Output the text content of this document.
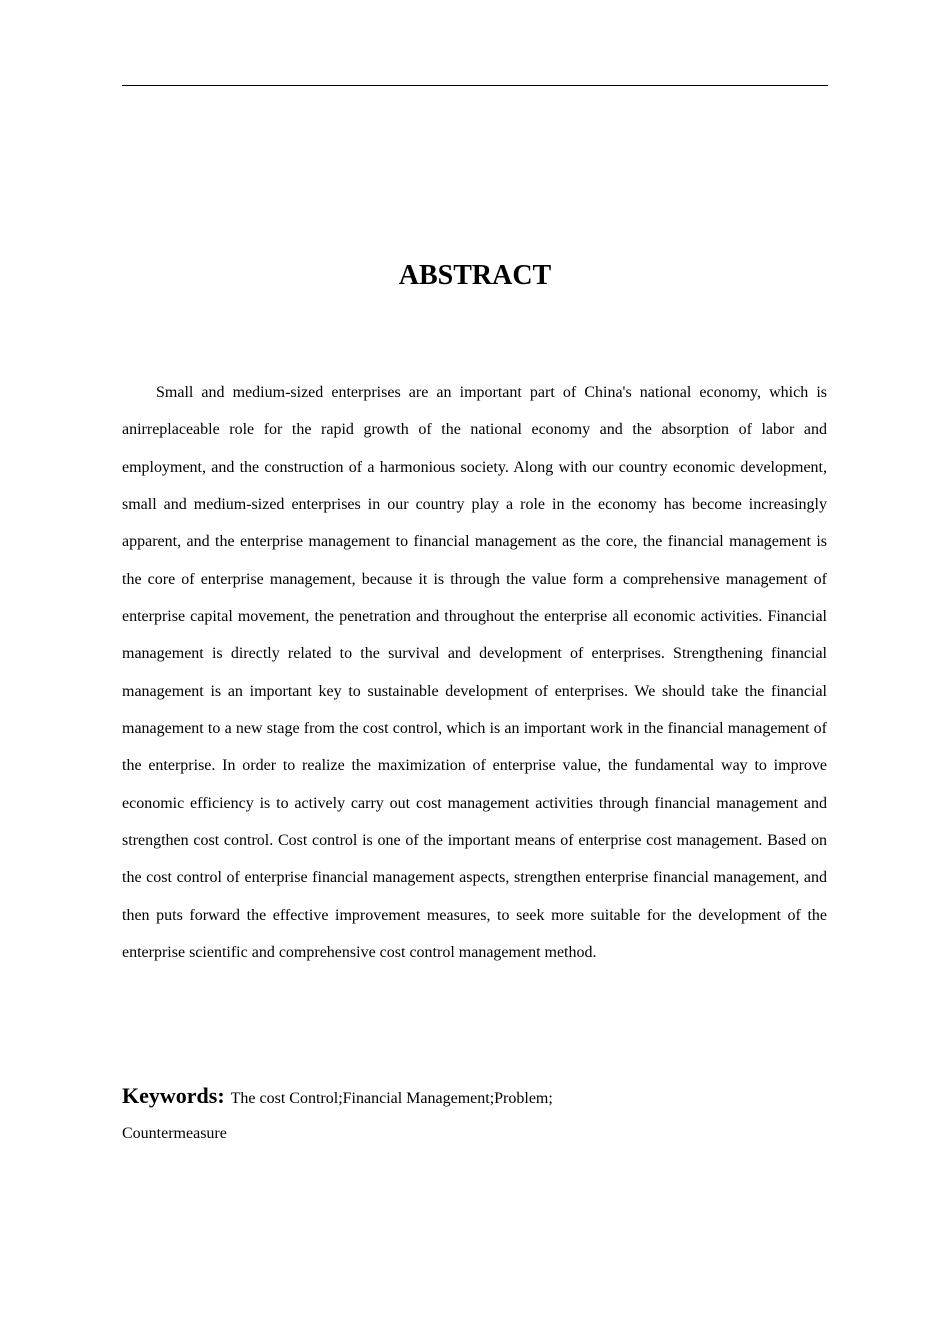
ABSTRACT

Small and medium-sized enterprises are an important part of China's national economy, which is anirreplaceable role for the rapid growth of the national economy and the absorption of labor and employment, and the construction of a harmonious society. Along with our country economic development, small and medium-sized enterprises in our country play a role in the economy has become increasingly apparent, and the enterprise management to financial management as the core, the financial management is the core of enterprise management, because it is through the value form a comprehensive management of enterprise capital movement, the penetration and throughout the enterprise all economic activities. Financial management is directly related to the survival and development of enterprises. Strengthening financial management is an important key to sustainable development of enterprises. We should take the financial management to a new stage from the cost control, which is an important work in the financial management of the enterprise. In order to realize the maximization of enterprise value, the fundamental way to improve economic efficiency is to actively carry out cost management activities through financial management and strengthen cost control. Cost control is one of the important means of enterprise cost management. Based on the cost control of enterprise financial management aspects, strengthen enterprise financial management, and then puts forward the effective improvement measures, to seek more suitable for the development of the enterprise scientific and comprehensive cost control management method.

Keywords: The cost Control;Financial Management;Problem; Countermeasure
